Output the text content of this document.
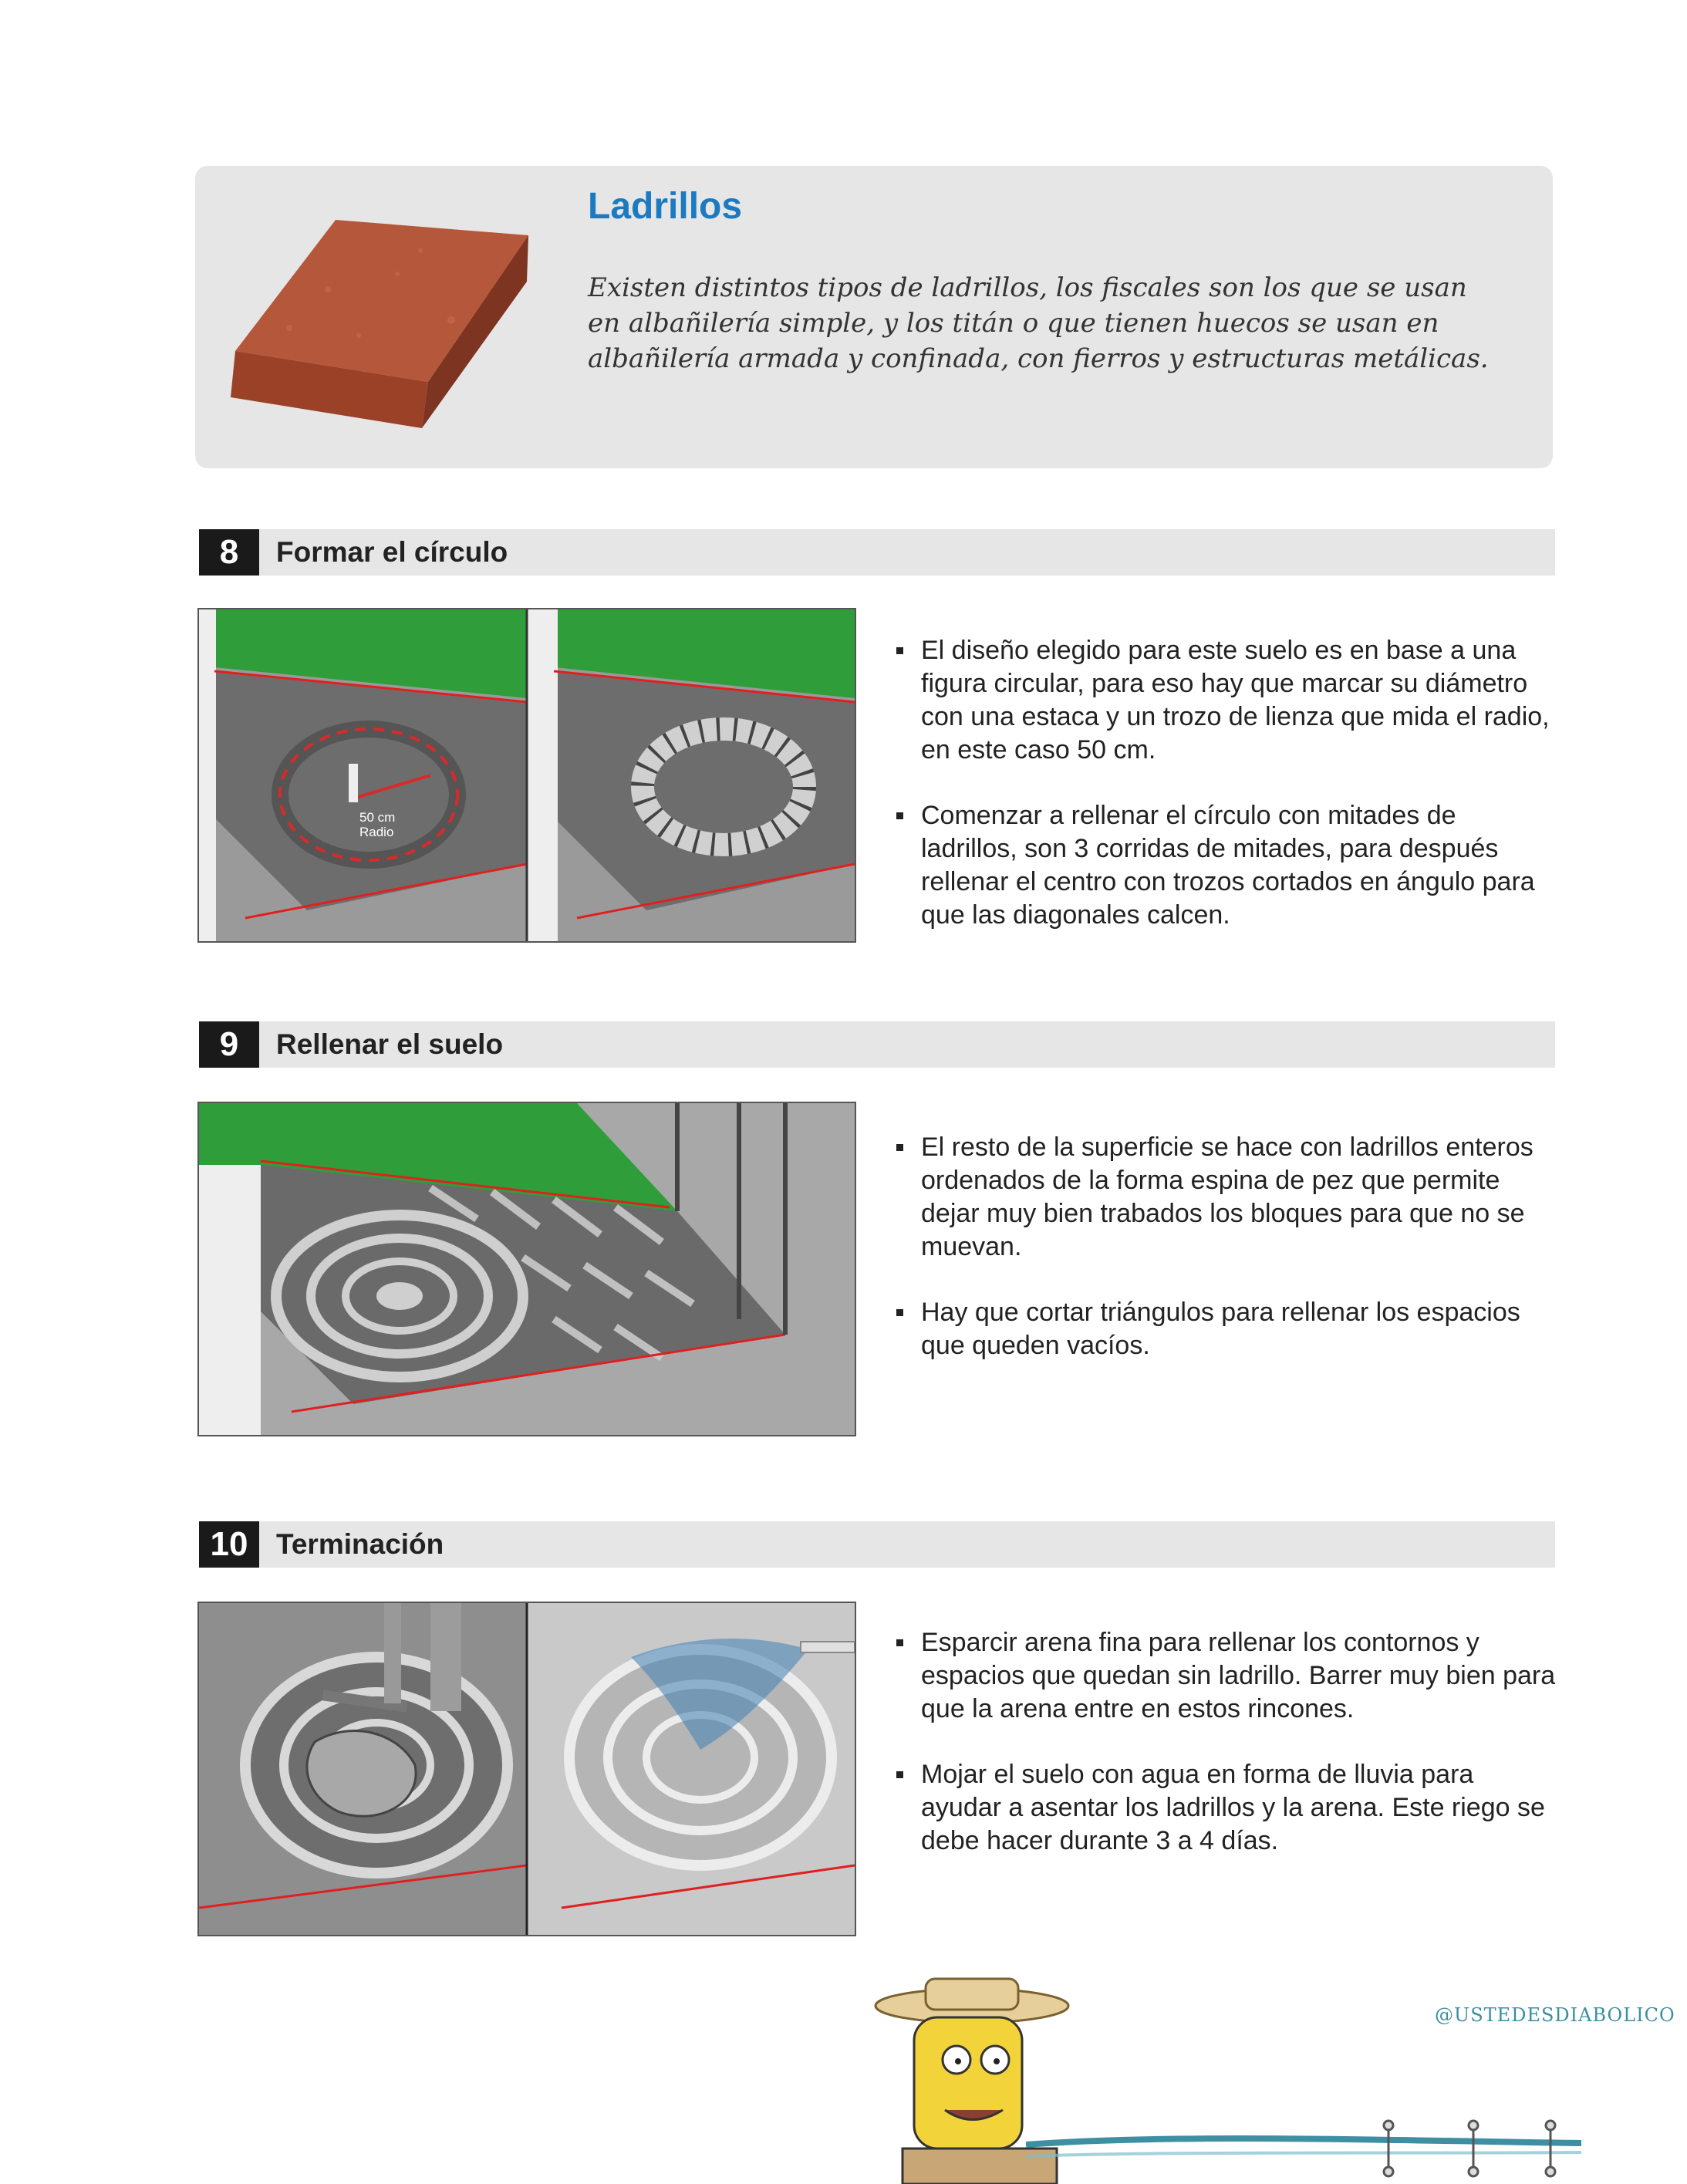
Ladrillos

Existen distintos tipos de ladrillos, los fiscales son los que se usan en albañilería simple, y los titán o que tienen huecos se usan en albañilería armada y confinada, con fierros y estructuras metálicas.

8	Formar el círculo
50 cm
Radio
El diseño elegido para este suelo es en base a una figura circular, para eso hay que marcar su diámetro con una estaca y un trozo de lienza que mida el radio, en este caso 50 cm.
Comenzar a rellenar el círculo con mitades de ladrillos, son 3 corridas de mitades, para después rellenar el centro con trozos cortados en ángulo para que las diagonales calcen.
9	Rellenar el suelo
El resto de la superficie se hace con ladrillos enteros ordenados de la forma espina de pez que permite dejar muy bien trabados los bloques para que no se muevan.
Hay que cortar triángulos para rellenar los espacios que queden vacíos.
10 Terminación
Esparcir arena fina para rellenar los contornos y espacios que quedan sin ladrillo. Barrer muy bien para que la arena entre en estos rincones.
Mojar el suelo con agua en forma de lluvia para ayudar a asentar los ladrillos y la arena. Este riego se debe hacer durante 3 a 4 días.
@USTEDESDIABOLICO
